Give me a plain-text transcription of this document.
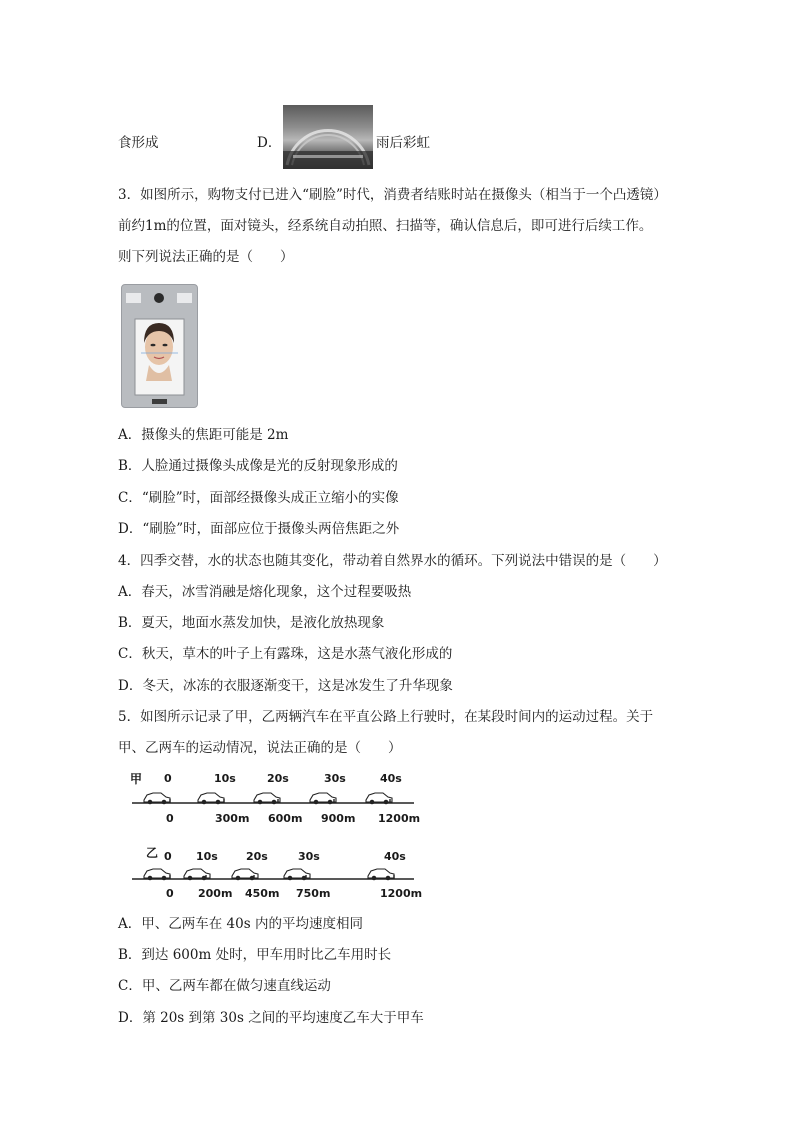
食形成	D．	雨后彩虹
3．如图所示，购物支付已进入“刷脸”时代，消费者结账时站在摄像头（相当于一个凸透镜）
前约1m的位置，面对镜头，经系统自动拍照、扫描等，确认信息后，即可进行后续工作。
则下列说法正确的是（　　）
A．摄像头的焦距可能是 2m
B．人脸通过摄像头成像是光的反射现象形成的
C．“刷脸”时，面部经摄像头成正立缩小的实像
D．“刷脸”时，面部应位于摄像头两倍焦距之外
4．四季交替，水的状态也随其变化，带动着自然界水的循环。下列说法中错误的是（　　）
A．春天，冰雪消融是熔化现象，这个过程要吸热
B．夏天，地面水蒸发加快，是液化放热现象
C．秋天，草木的叶子上有露珠，这是水蒸气液化形成的
D．冬天，冰冻的衣服逐渐变干，这是冰发生了升华现象
5．如图所示记录了甲，乙两辆汽车在平直公路上行驶时，在某段时间内的运动过程。关于
甲、乙两车的运动情况，说法正确的是（　　）
甲 0	10s	20s	30s	40s
0	300m 600m 900m 1200m
乙 0 10s	20s	30s	40s
0 200m 450m 750m	1200m
A．甲、乙两车在 40s 内的平均速度相同
B．到达 600m 处时，甲车用时比乙车用时长
C．甲、乙两车都在做匀速直线运动
D．第 20s 到第 30s 之间的平均速度乙车大于甲车
